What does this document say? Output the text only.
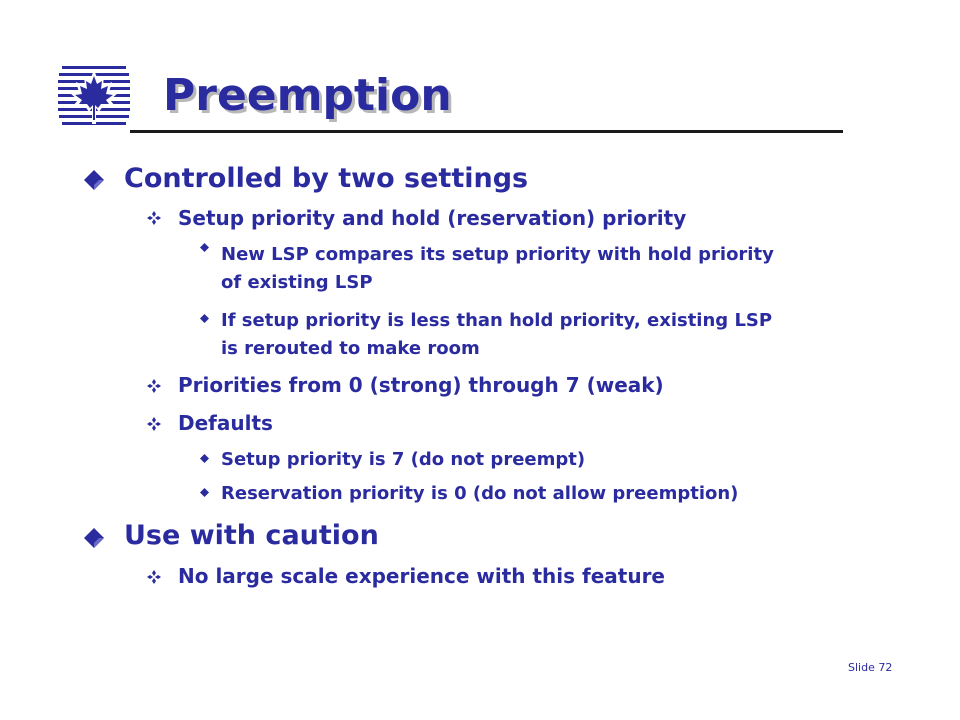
Preemption
Controlled by two settings
Setup priority and hold (reservation) priority
New LSP compares its setup priority with hold priority
of existing LSP
If setup priority is less than hold priority, existing LSP
is rerouted to make room
Priorities from 0 (strong) through 7 (weak)
Defaults
Setup priority is 7 (do not preempt)
Reservation priority is 0 (do not allow preemption)
Use with caution
No large scale experience with this feature
Slide 72
